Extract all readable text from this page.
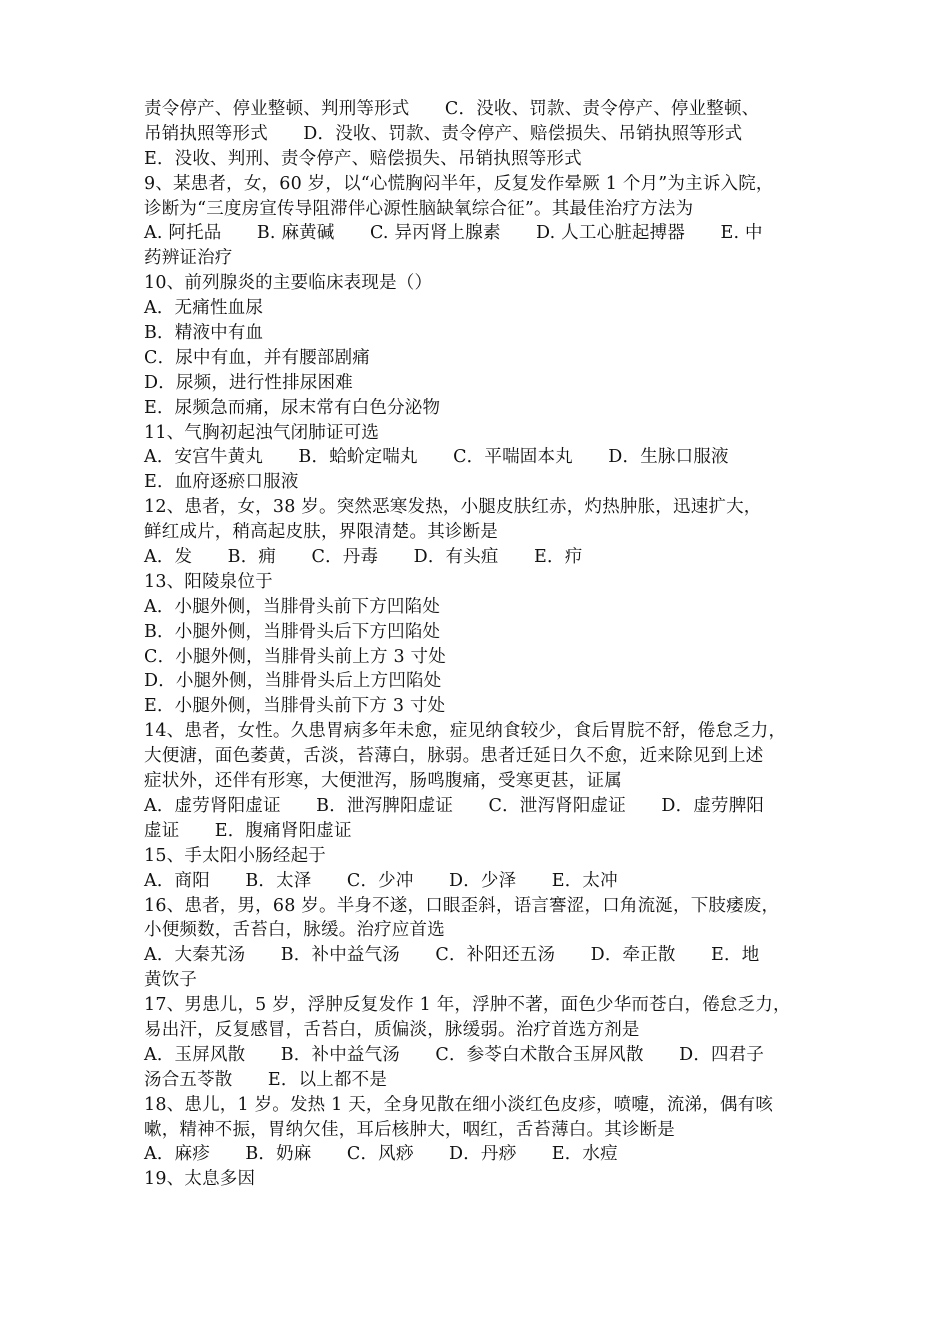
责令停产、停业整顿、判刑等形式　　C．没收、罚款、责令停产、停业整顿、
吊销执照等形式　　D．没收、罚款、责令停产、赔偿损失、吊销执照等形式
E．没收、判刑、责令停产、赔偿损失、吊销执照等形式
9、某患者，女，60 岁，以“心慌胸闷半年，反复发作晕厥 1 个月”为主诉入院，
诊断为“三度房宣传导阻滞伴心源性脑缺氧综合征”。其最佳治疗方法为
A. 阿托品　　B. 麻黄碱　　C. 异丙肾上腺素　　D. 人工心脏起搏器　　E. 中
药辨证治疗
10、前列腺炎的主要临床表现是（）
A．无痛性血尿
B．精液中有血
C．尿中有血，并有腰部剧痛
D．尿频，进行性排尿困难
E．尿频急而痛，尿末常有白色分泌物
11、气胸初起浊气闭肺证可选
A．安宫牛黄丸　　B．蛤蚧定喘丸　　C．平喘固本丸　　D．生脉口服液
E．血府逐瘀口服液
12、患者，女，38 岁。突然恶寒发热，小腿皮肤红赤，灼热肿胀，迅速扩大，
鲜红成片，稍高起皮肤，界限清楚。其诊断是
A．发　　B．痈　　C．丹毒　　D．有头疽　　E．疖
13、阳陵泉位于
A．小腿外侧，当腓骨头前下方凹陷处
B．小腿外侧，当腓骨头后下方凹陷处
C．小腿外侧，当腓骨头前上方 3 寸处
D．小腿外侧，当腓骨头后上方凹陷处
E．小腿外侧，当腓骨头前下方 3 寸处
14、患者，女性。久患胃病多年未愈，症见纳食较少，食后胃脘不舒，倦怠乏力，
大便溏，面色萎黄，舌淡，苔薄白，脉弱。患者迁延日久不愈，近来除见到上述
症状外，还伴有形寒，大便泄泻，肠鸣腹痛，受寒更甚，证属
A．虚劳肾阳虚证　　B．泄泻脾阳虚证　　C．泄泻肾阳虚证　　D．虚劳脾阳
虚证　　E．腹痛肾阳虚证
15、手太阳小肠经起于
A．商阳　　B．太泽　　C．少冲　　D．少泽　　E．太冲
16、患者，男，68 岁。半身不遂，口眼歪斜，语言謇涩，口角流涎，下肢痿废，
小便频数，舌苔白，脉缓。治疗应首选
A．大秦艽汤　　B．补中益气汤　　C．补阳还五汤　　D．牵正散　　E．地
黄饮子
17、男患儿，5 岁，浮肿反复发作 1 年，浮肿不著，面色少华而苍白，倦怠乏力，
易出汗，反复感冒，舌苔白，质偏淡，脉缓弱。治疗首选方剂是
A．玉屏风散　　B．补中益气汤　　C．参苓白术散合玉屏风散　　D．四君子
汤合五苓散　　E．以上都不是
18、患儿，1 岁。发热 1 天，全身见散在细小淡红色皮疹，喷嚏，流涕，偶有咳
嗽，精神不振，胃纳欠佳，耳后核肿大，咽红，舌苔薄白。其诊断是
A．麻疹　　B．奶麻　　C．风痧　　D．丹痧　　E．水痘
19、太息多因
